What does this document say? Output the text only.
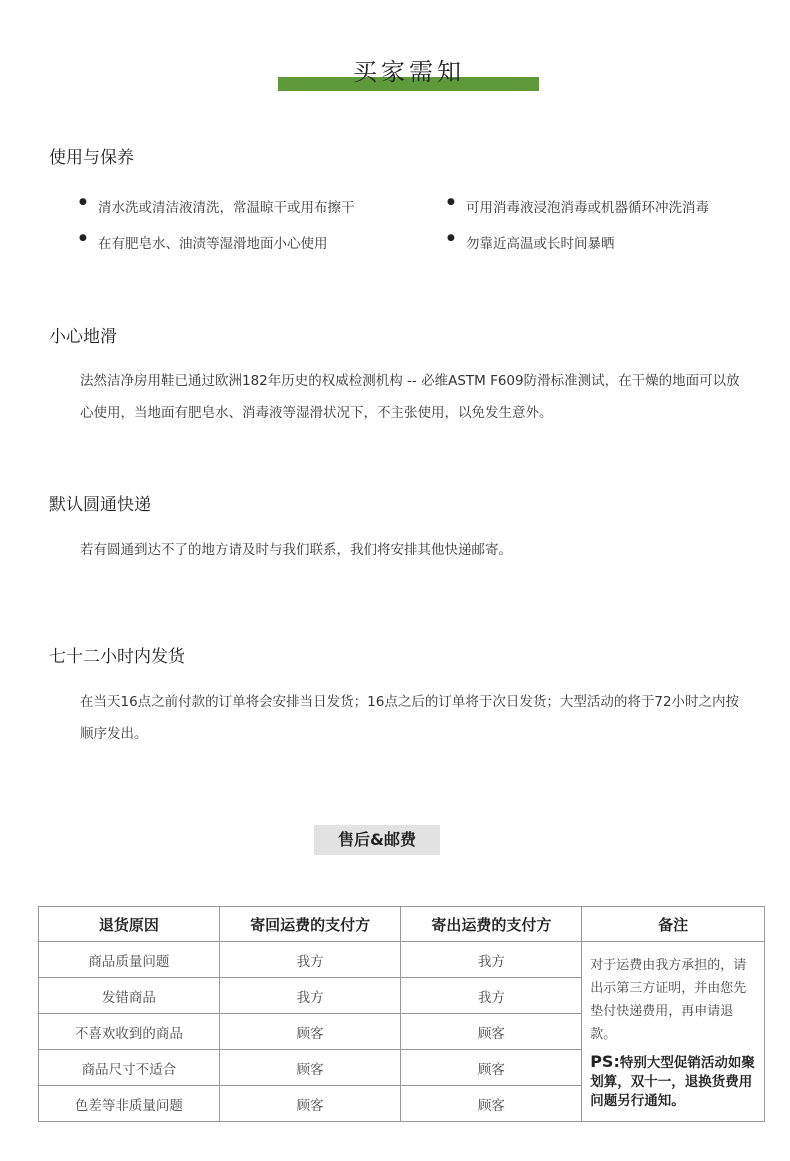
买家需知
使用与保养
● 清水洗或清洁液清洗，常温晾干或用布擦干	● 可用消毒液浸泡消毒或机器循环冲洗消毒
● 在有肥皂水、油渍等湿滑地面小心使用	● 勿靠近高温或长时间暴晒
小心地滑
法然洁净房用鞋已通过欧洲182年历史的权威检测机构 -- 必维ASTM F609防滑标准测试，在干燥的地面可以放心使用，当地面有肥皂水、消毒液等湿滑状况下，不主张使用，以免发生意外。
默认圆通快递
若有圆通到达不了的地方请及时与我们联系，我们将安排其他快递邮寄。
七十二小时内发货
在当天16点之前付款的订单将会安排当日发货；16点之后的订单将于次日发货；大型活动的将于72小时之内按顺序发出。
售后&邮费
退货原因	寄回运费的支付方	寄出运费的支付方	备注
商品质量问题	我方	我方	对于运费由我方承担的，请出示第三方证明，并由您先垫付快递费用，再申请退款。
PS:特别大型促销活动如聚划算，双十一，退换货费用问题另行通知。

发错商品	我方	我方	
不喜欢收到的商品	顾客	顾客	
商品尺寸不适合	顾客	顾客	
色差等非质量问题	顾客	顾客	
